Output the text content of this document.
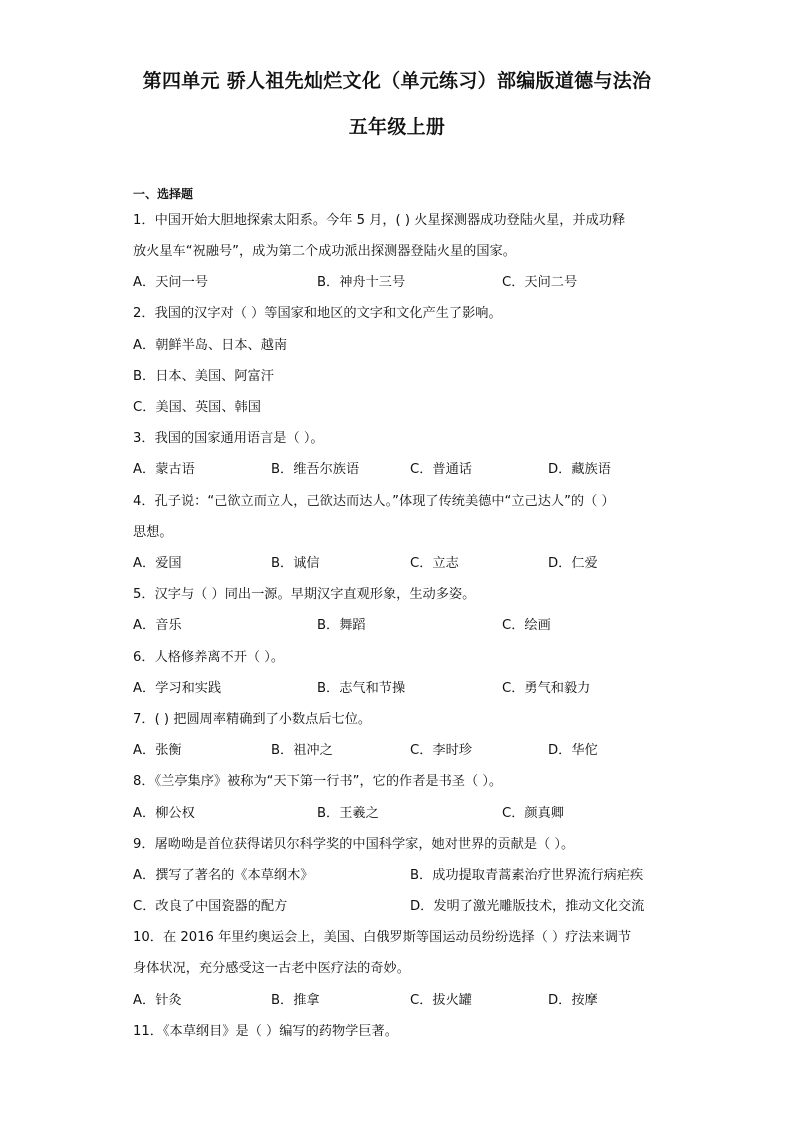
第四单元 骄人祖先灿烂文化（单元练习）部编版道德与法治
五年级上册
一、选择题
1．中国开始大胆地探索太阳系。今年 5 月，( ) 火星探测器成功登陆火星，并成功释
放火星车“祝融号”，成为第二个成功派出探测器登陆火星的国家。
A．天问一号	B．神舟十三号	C．天问二号
2．我国的汉字对（ ）等国家和地区的文字和文化产生了影响。
A．朝鲜半岛、日本、越南
B．日本、美国、阿富汗
C．美国、英国、韩国
3．我国的国家通用语言是（ ）。
A．蒙古语	B．维吾尔族语	C．普通话	D．藏族语
4．孔子说：“己欲立而立人，己欲达而达人。”体现了传统美德中“立己达人”的（ ）
思想。
A．爱国	B．诚信	C．立志	D．仁爱
5．汉字与（ ）同出一源。早期汉字直观形象，生动多姿。
A．音乐	B．舞蹈	C．绘画
6．人格修养离不开（ ）。
A．学习和实践	B．志气和节操	C．勇气和毅力
7．( ) 把圆周率精确到了小数点后七位。
A．张衡	B．祖冲之	C．李时珍	D．华佗
8．《兰亭集序》被称为“天下第一行书”，它的作者是书圣（ ）。
A．柳公权	B．王羲之	C．颜真卿
9．屠呦呦是首位获得诺贝尔科学奖的中国科学家，她对世界的贡献是（ ）。
A．撰写了著名的《本草纲木》	B．成功提取青蒿素治疗世界流行病疟疾
C．改良了中国瓷器的配方	D．发明了激光雕版技术，推动文化交流
10．在 2016 年里约奥运会上，美国、白俄罗斯等国运动员纷纷选择（ ）疗法来调节
身体状况，充分感受这一古老中医疗法的奇妙。
A．针灸	B．推拿	C．拔火罐	D．按摩
11．《本草纲目》是（ ）编写的药物学巨著。
